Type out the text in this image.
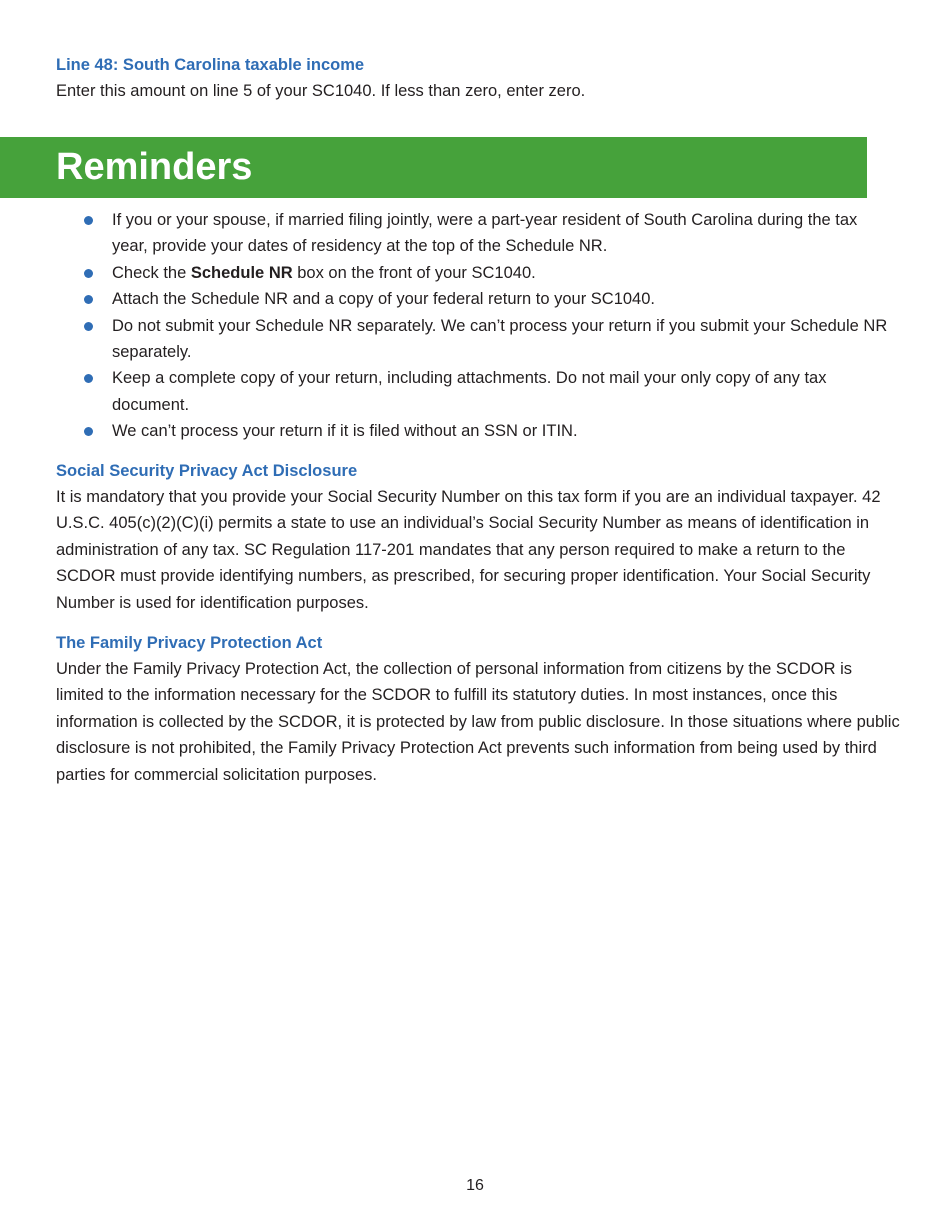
Line 48: South Carolina taxable income

Enter this amount on line 5 of your SC1040. If less than zero, enter zero.

Reminders
If you or your spouse, if married filing jointly, were a part-year resident of South Carolina during the tax year, provide your dates of residency at the top of the Schedule NR.
Check the Schedule NR box on the front of your SC1040.
Attach the Schedule NR and a copy of your federal return to your SC1040.
Do not submit your Schedule NR separately. We can’t process your return if you submit your Schedule NR separately.
Keep a complete copy of your return, including attachments. Do not mail your only copy of any tax document.
We can’t process your return if it is filed without an SSN or ITIN.
Social Security Privacy Act Disclosure

It is mandatory that you provide your Social Security Number on this tax form if you are an individual taxpayer. 42 U.S.C. 405(c)(2)(C)(i) permits a state to use an individual’s Social Security Number as means of identification in administration of any tax. SC Regulation 117-201 mandates that any person required to make a return to the SCDOR must provide identifying numbers, as prescribed, for securing proper identification. Your Social Security Number is used for identification purposes.

The Family Privacy Protection Act

Under the Family Privacy Protection Act, the collection of personal information from citizens by the SCDOR is limited to the information necessary for the SCDOR to fulfill its statutory duties. In most instances, once this information is collected by the SCDOR, it is protected by law from public disclosure. In those situations where public disclosure is not prohibited, the Family Privacy Protection Act prevents such information from being used by third parties for commercial solicitation purposes.

16
